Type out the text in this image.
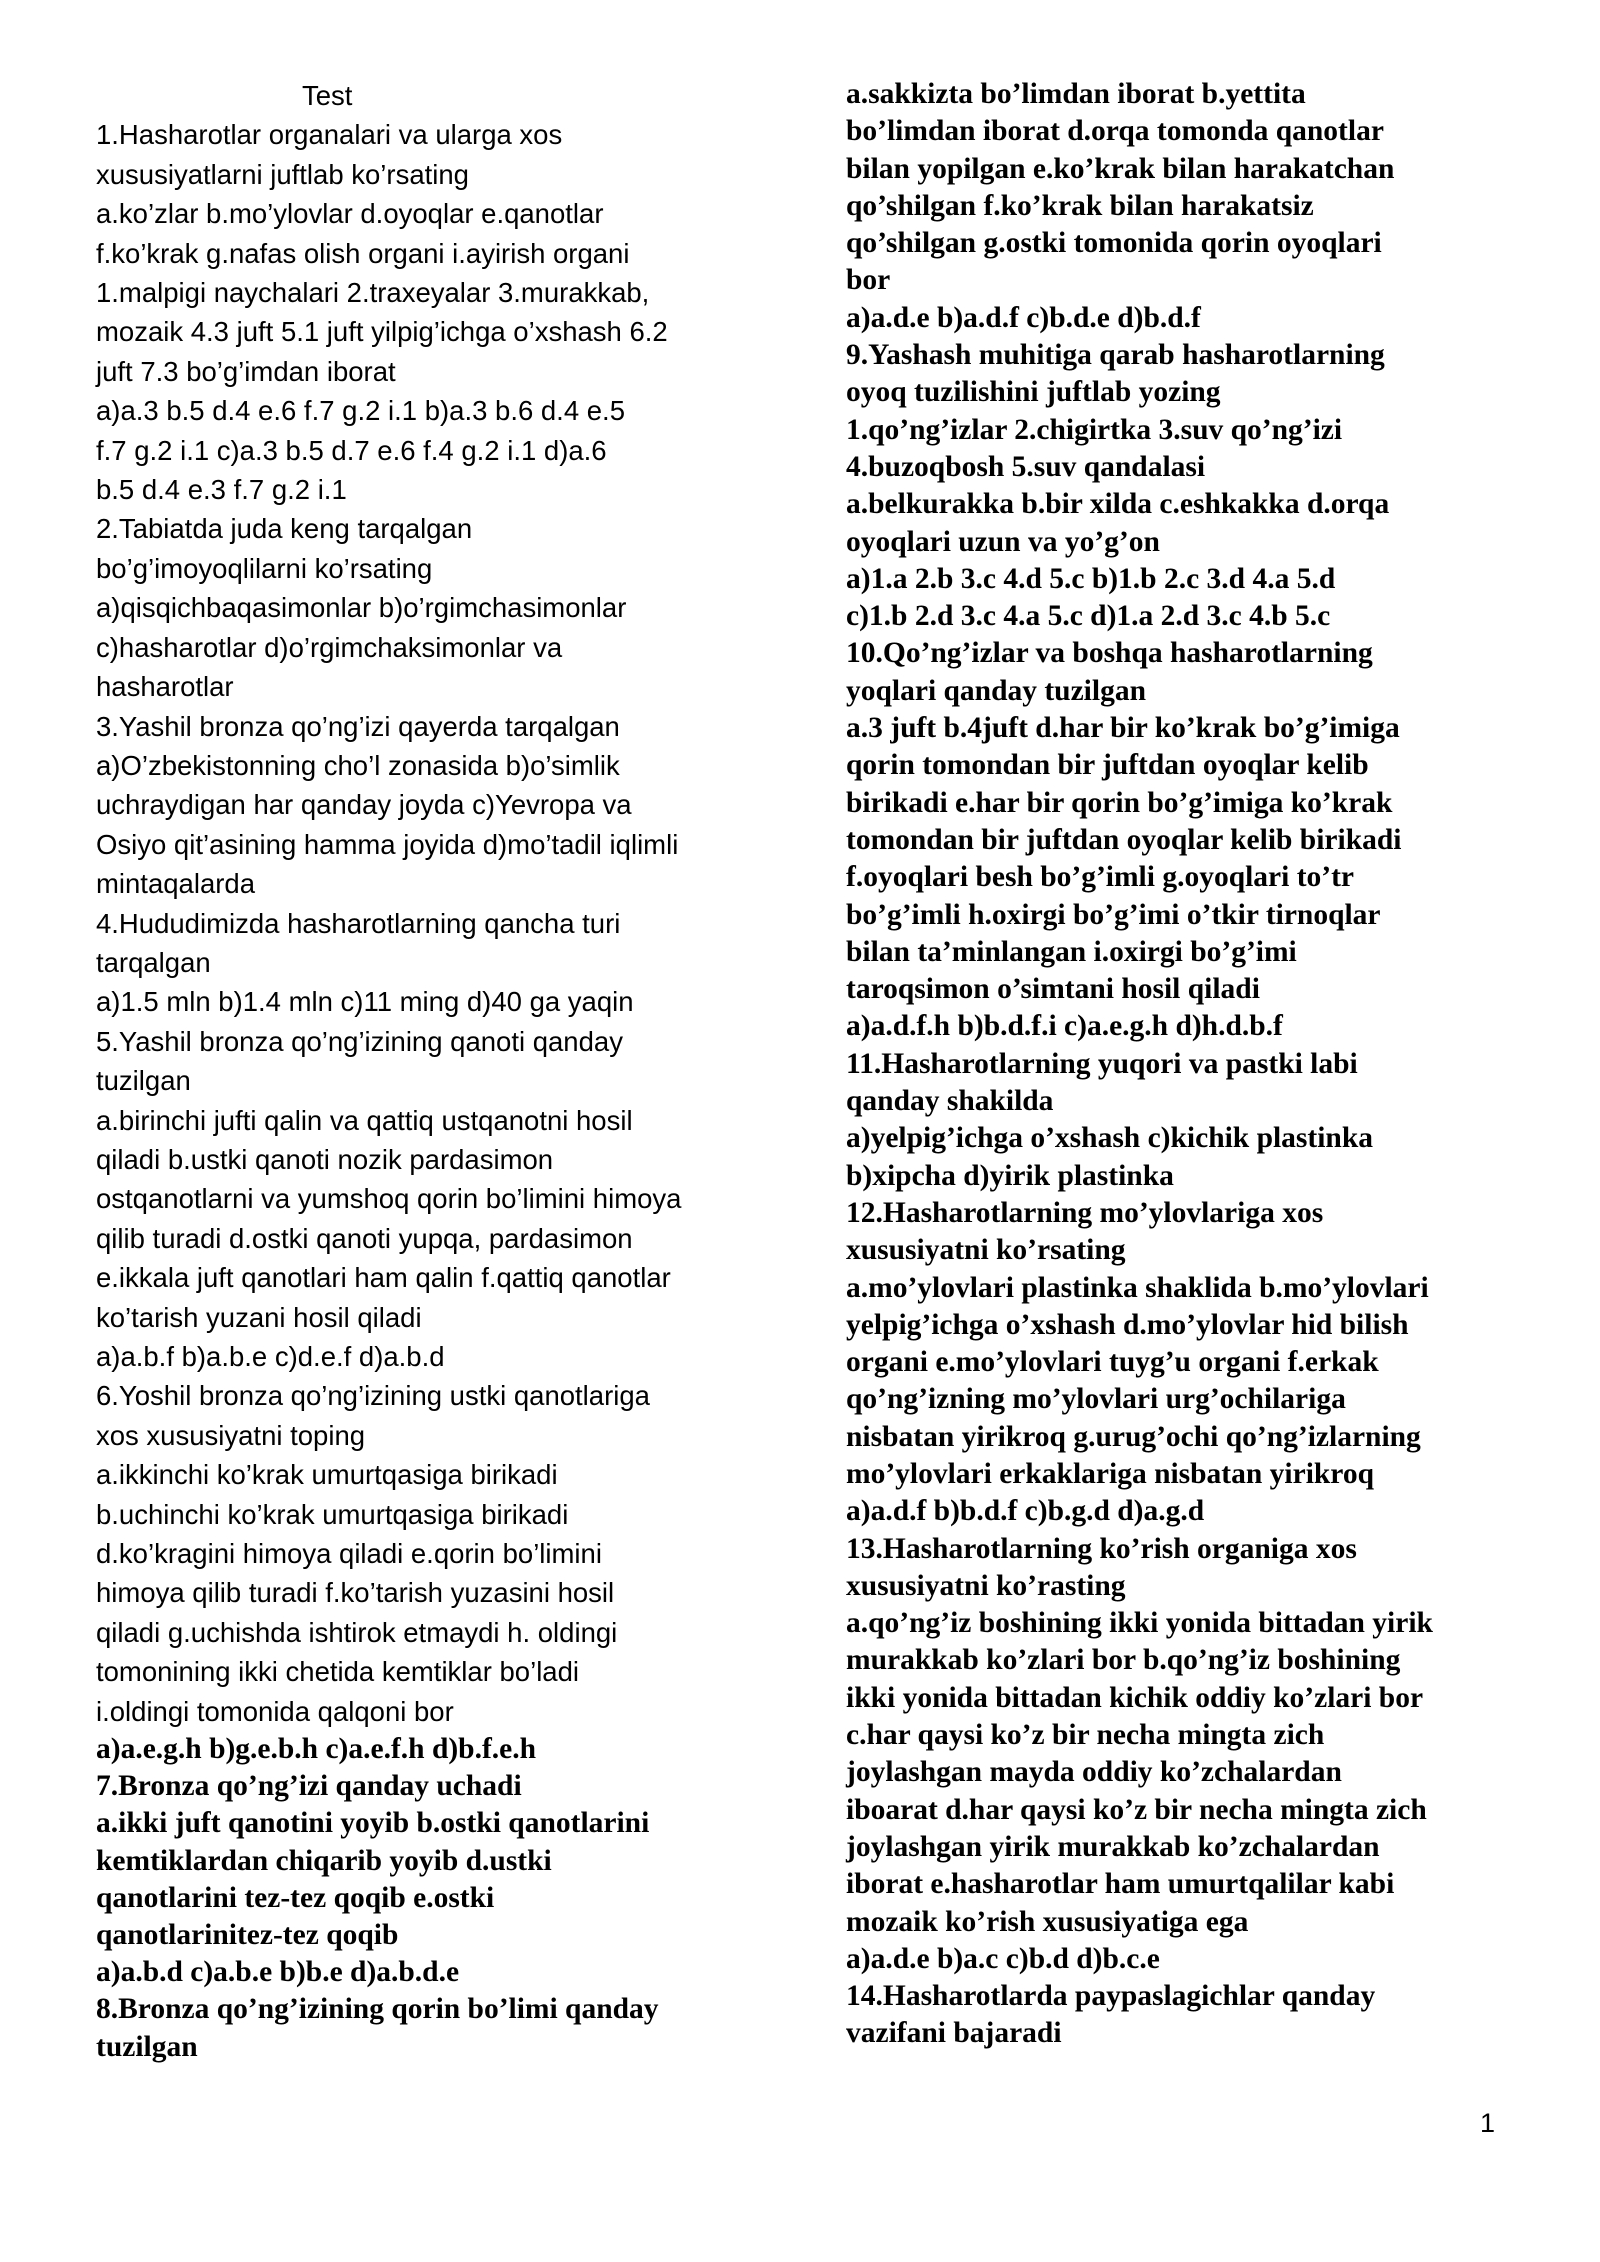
Test
1.Hasharotlar organalari va ularga xos
xususiyatlarni juftlab ko’rsating
a.ko’zlar b.mo’ylovlar d.oyoqlar e.qanotlar
f.ko’krak g.nafas olish organi i.ayirish organi
1.malpigi naychalari 2.traxeyalar 3.murakkab,
mozaik 4.3 juft 5.1 juft yilpig’ichga o’xshash 6.2
juft 7.3 bo’g’imdan iborat
a)a.3 b.5 d.4 e.6 f.7 g.2 i.1 b)a.3 b.6 d.4 e.5
f.7 g.2 i.1 c)a.3 b.5 d.7 e.6 f.4 g.2 i.1 d)a.6
b.5 d.4 e.3 f.7 g.2 i.1
2.Tabiatda juda keng tarqalgan
bo’g’imoyoqlilarni ko’rsating
a)qisqichbaqasimonlar b)o’rgimchasimonlar
c)hasharotlar d)o’rgimchaksimonlar va
hasharotlar
3.Yashil bronza qo’ng’izi qayerda tarqalgan
a)O’zbekistonning cho’l zonasida b)o’simlik
uchraydigan har qanday joyda c)Yevropa va
Osiyo qit’asining hamma joyida d)mo’tadil iqlimli
mintaqalarda
4.Hududimizda hasharotlarning qancha turi
tarqalgan
a)1.5 mln b)1.4 mln c)11 ming d)40 ga yaqin
5.Yashil bronza qo’ng’izining qanoti qanday
tuzilgan
a.birinchi jufti qalin va qattiq ustqanotni hosil
qiladi b.ustki qanoti nozik pardasimon
ostqanotlarni va yumshoq qorin bo’limini himoya
qilib turadi d.ostki qanoti yupqa, pardasimon
e.ikkala juft qanotlari ham qalin f.qattiq qanotlar
ko’tarish yuzani hosil qiladi
a)a.b.f b)a.b.e c)d.e.f d)a.b.d
6.Yoshil bronza qo’ng’izining ustki qanotlariga
xos xususiyatni toping
a.ikkinchi ko’krak umurtqasiga birikadi
b.uchinchi ko’krak umurtqasiga birikadi
d.ko’kragini himoya qiladi e.qorin bo’limini
himoya qilib turadi f.ko’tarish yuzasini hosil
qiladi g.uchishda ishtirok etmaydi h. oldingi
tomonining ikki chetida kemtiklar bo’ladi
i.oldingi tomonida qalqoni bor
a)a.e.g.h b)g.e.b.h c)a.e.f.h d)b.f.e.h
7.Bronza qo’ng’izi qanday uchadi
a.ikki juft qanotini yoyib b.ostki qanotlarini
kemtiklardan chiqarib yoyib d.ustki
qanotlarini tez-tez qoqib e.ostki
qanotlarinitez-tez qoqib
a)a.b.d c)a.b.e b)b.e d)a.b.d.e
8.Bronza qo’ng’izining qorin bo’limi qanday
tuzilgan
a.sakkizta bo’limdan iborat b.yettita
bo’limdan iborat d.orqa tomonda qanotlar
bilan yopilgan e.ko’krak bilan harakatchan
qo’shilgan f.ko’krak bilan harakatsiz
qo’shilgan g.ostki tomonida qorin oyoqlari
bor
a)a.d.e b)a.d.f c)b.d.e d)b.d.f
9.Yashash muhitiga qarab hasharotlarning
oyoq tuzilishini juftlab yozing
1.qo’ng’izlar 2.chigirtka 3.suv qo’ng’izi
4.buzoqbosh 5.suv qandalasi
a.belkurakka b.bir xilda c.eshkakka d.orqa
oyoqlari uzun va yo’g’on
a)1.a 2.b 3.c 4.d 5.c b)1.b 2.c 3.d 4.a 5.d
c)1.b 2.d 3.c 4.a 5.c d)1.a 2.d 3.c 4.b 5.c
10.Qo’ng’izlar va boshqa hasharotlarning
yoqlari qanday tuzilgan
a.3 juft b.4juft d.har bir ko’krak bo’g’imiga
qorin tomondan bir juftdan oyoqlar kelib
birikadi e.har bir qorin bo’g’imiga ko’krak
tomondan bir juftdan oyoqlar kelib birikadi
f.oyoqlari besh bo’g’imli g.oyoqlari to’tr
bo’g’imli h.oxirgi bo’g’imi o’tkir tirnoqlar
bilan ta’minlangan i.oxirgi bo’g’imi
taroqsimon o’simtani hosil qiladi
a)a.d.f.h b)b.d.f.i c)a.e.g.h d)h.d.b.f
11.Hasharotlarning yuqori va pastki labi
qanday shakilda
a)yelpig’ichga o’xshash c)kichik plastinka
b)xipcha d)yirik plastinka
12.Hasharotlarning mo’ylovlariga xos
xususiyatni ko’rsating
a.mo’ylovlari plastinka shaklida b.mo’ylovlari
yelpig’ichga o’xshash d.mo’ylovlar hid bilish
organi e.mo’ylovlari tuyg’u organi f.erkak
qo’ng’izning mo’ylovlari urg’ochilariga
nisbatan yirikroq g.urug’ochi qo’ng’izlarning
mo’ylovlari erkaklariga nisbatan yirikroq
a)a.d.f b)b.d.f c)b.g.d d)a.g.d
13.Hasharotlarning ko’rish organiga xos
xususiyatni ko’rasting
a.qo’ng’iz boshining ikki yonida bittadan yirik
murakkab ko’zlari bor b.qo’ng’iz boshining
ikki yonida bittadan kichik oddiy ko’zlari bor
c.har qaysi ko’z bir necha mingta zich
joylashgan mayda oddiy ko’zchalardan
iboarat d.har qaysi ko’z bir necha mingta zich
joylashgan yirik murakkab ko’zchalardan
iborat e.hasharotlar ham umurtqalilar kabi
mozaik ko’rish xususiyatiga ega
a)a.d.e b)a.c c)b.d d)b.c.e
14.Hasharotlarda paypaslagichlar qanday
vazifani bajaradi
1
